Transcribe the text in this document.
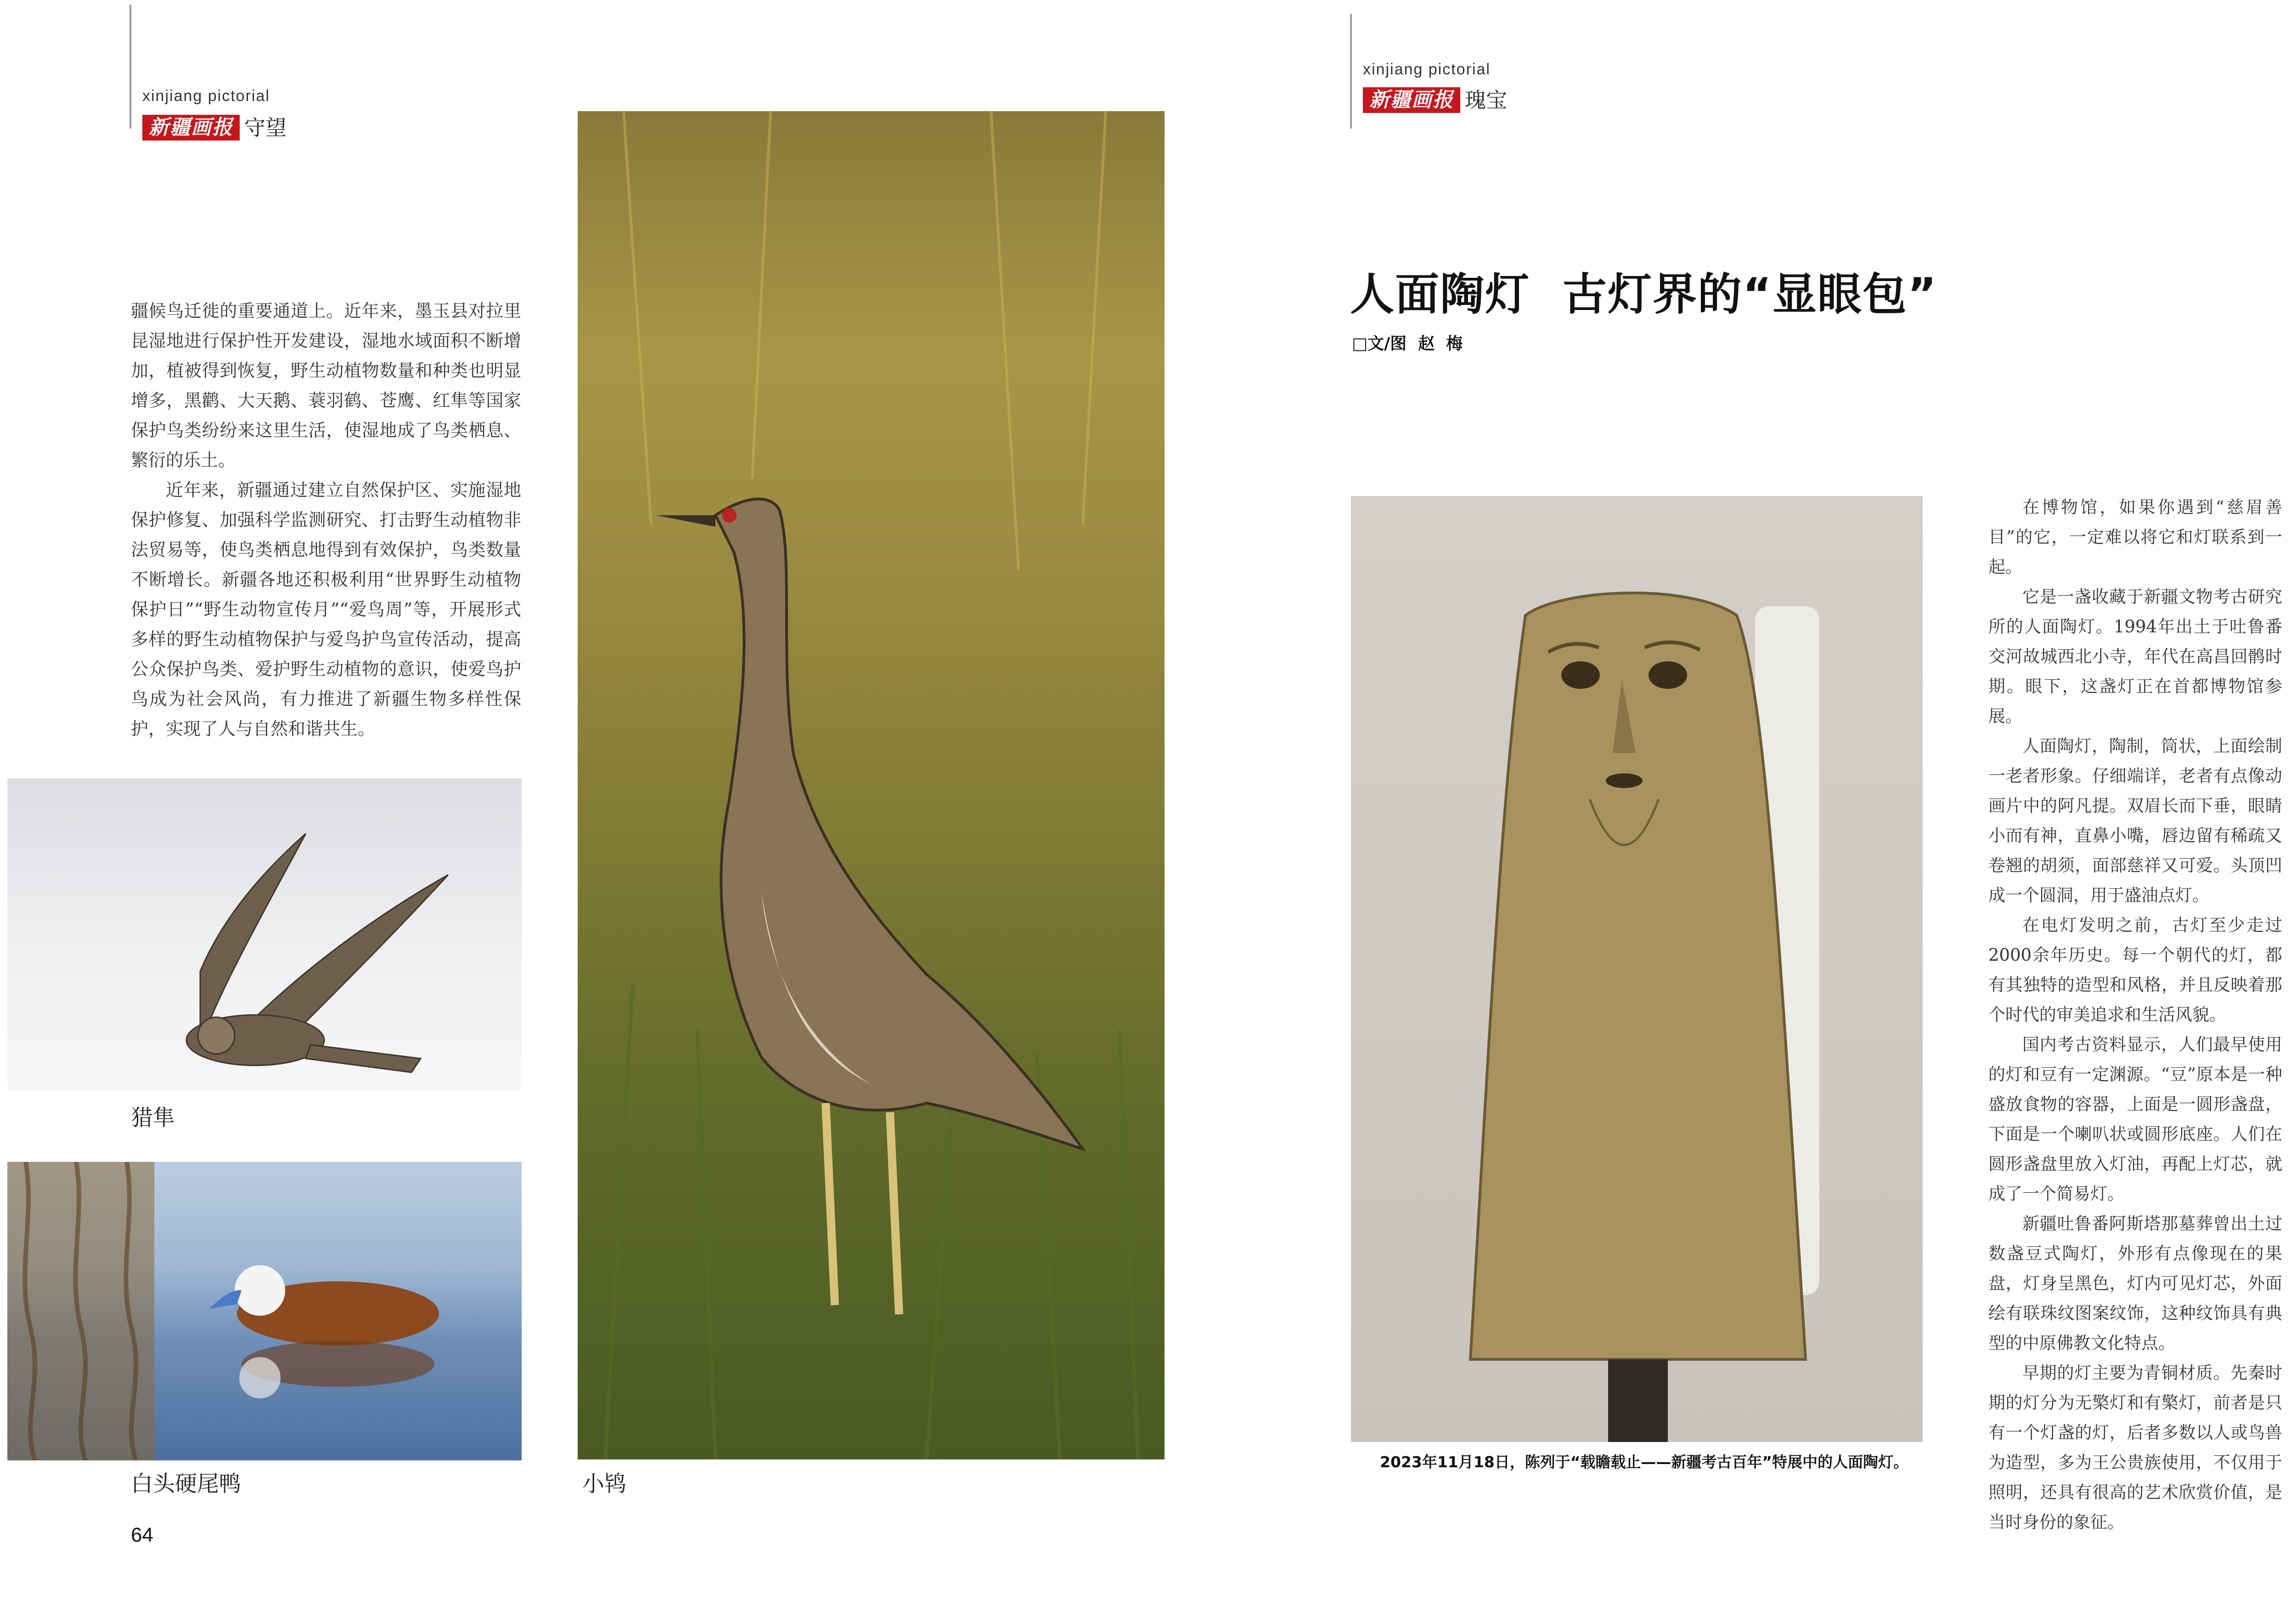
xinjiang pictorial
新疆画报 守望

疆候鸟迁徙的重要通道上。近年来，墨玉县对拉里昆湿地进行保护性开发建设，湿地水域面积不断增加，植被得到恢复，野生动植物数量和种类也明显增多，黑鹳、大天鹅、蓑羽鹤、苍鹰、红隼等国家保护鸟类纷纷来这里生活，使湿地成了鸟类栖息、繁衍的乐土。

近年来，新疆通过建立自然保护区、实施湿地保护修复、加强科学监测研究、打击野生动植物非法贸易等，使鸟类栖息地得到有效保护，鸟类数量不断增长。新疆各地还积极利用“世界野生动植物保护日”“野生动物宣传月”“爱鸟周”等，开展形式多样的野生动植物保护与爱鸟护鸟宣传活动，提高公众保护鸟类、爱护野生动植物的意识，使爱鸟护鸟成为社会风尚，有力推进了新疆生物多样性保护，实现了人与自然和谐共生。

猎隼
白头硬尾鸭	小鸨
64
xinjiang pictorial
新疆画报 瑰宝
人面陶灯  古灯界的“显眼包”
□文/图  赵  梅
2023年11月18日，陈列于“载瞻载止——新疆考古百年”特展中的人面陶灯。

在博物馆，如果你遇到“慈眉善目”的它，一定难以将它和灯联系到一起。

它是一盏收藏于新疆文物考古研究所的人面陶灯。1994年出土于吐鲁番交河故城西北小寺，年代在高昌回鹘时期。眼下，这盏灯正在首都博物馆参展。

人面陶灯，陶制，筒状，上面绘制一老者形象。仔细端详，老者有点像动画片中的阿凡提。双眉长而下垂，眼睛小而有神，直鼻小嘴，唇边留有稀疏又卷翘的胡须，面部慈祥又可爱。头顶凹成一个圆洞，用于盛油点灯。

在电灯发明之前，古灯至少走过2000余年历史。每一个朝代的灯，都有其独特的造型和风格，并且反映着那个时代的审美追求和生活风貌。

国内考古资料显示，人们最早使用的灯和豆有一定渊源。“豆”原本是一种盛放食物的容器，上面是一圆形盏盘，下面是一个喇叭状或圆形底座。人们在圆形盏盘里放入灯油，再配上灯芯，就成了一个简易灯。

新疆吐鲁番阿斯塔那墓葬曾出土过数盏豆式陶灯，外形有点像现在的果盘，灯身呈黑色，灯内可见灯芯，外面绘有联珠纹图案纹饰，这种纹饰具有典型的中原佛教文化特点。

早期的灯主要为青铜材质。先秦时期的灯分为无檠灯和有檠灯，前者是只有一个灯盏的灯，后者多数以人或鸟兽为造型，多为王公贵族使用，不仅用于照明，还具有很高的艺术欣赏价值，是当时身份的象征。
